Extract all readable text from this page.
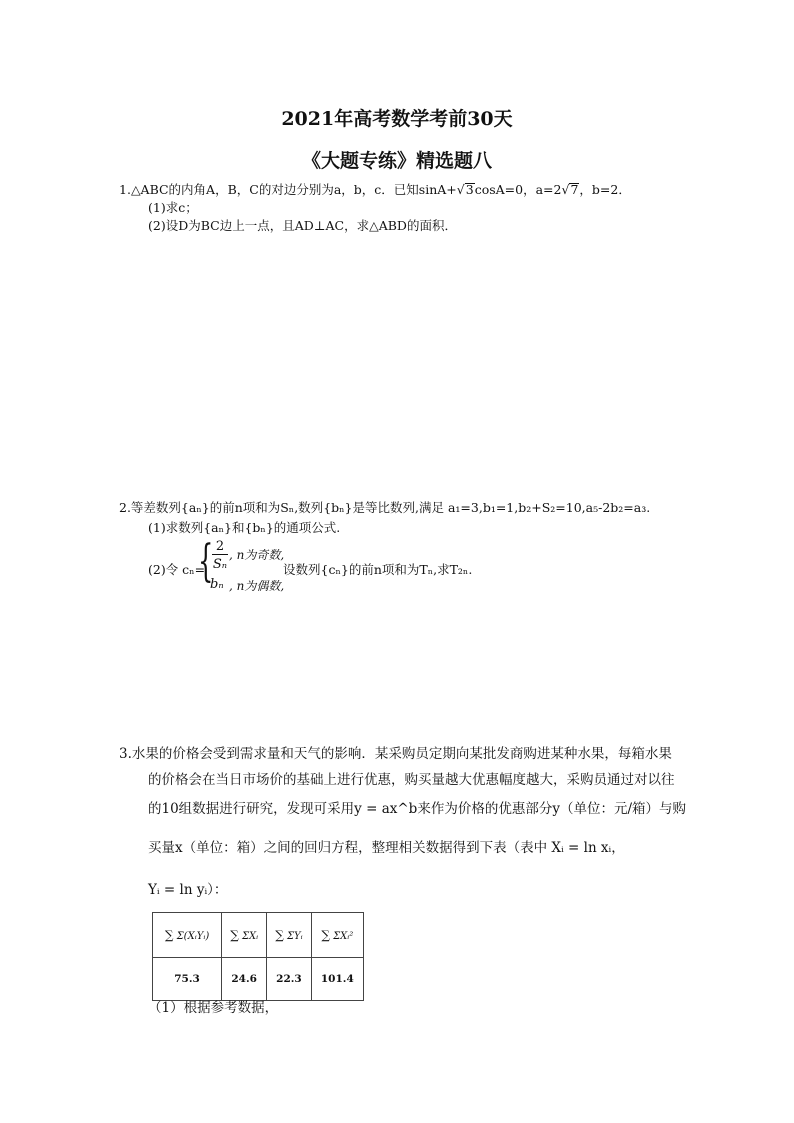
2021年高考数学考前30天
《大题专练》精选题八
1.△ABC的内角A，B，C的对边分别为a，b，c．已知sinA+√3cosA=0，a=2√7，b=2．
(1)求c；
(2)设D为BC边上一点，且AD⊥AC，求△ABD的面积．
2.等差数列{aₙ}的前n项和为Sₙ,数列{bₙ}是等比数列,满足 a₁=3,b₁=1,b₂+S₂=10,a₅-2b₂=a₃.
(1)求数列{aₙ}和{bₙ}的通项公式.
(2)令 cₙ=
{ 2
Sₙ
, n为奇数,
bₙ , n为偶数,
设数列{cₙ}的前n项和为Tₙ,求T₂ₙ.
3.水果的价格会受到需求量和天气的影响．某采购员定期向某批发商购进某种水果，每箱水果
的价格会在当日市场价的基础上进行优惠，购买量越大优惠幅度越大，采购员通过对以往
的10组数据进行研究，发现可采用y = ax^b来作为价格的优惠部分y（单位：元/箱）与购
买量x（单位：箱）之间的回归方程，整理相关数据得到下表（表中 Xᵢ = ln xᵢ，
Yᵢ = ln yᵢ）：
∑ Σ(XᵢYᵢ)	∑ ΣXᵢ	∑ ΣYᵢ	∑ ΣXᵢ²
75.3	24.6	22.3	101.4
（1）根据参考数据，
